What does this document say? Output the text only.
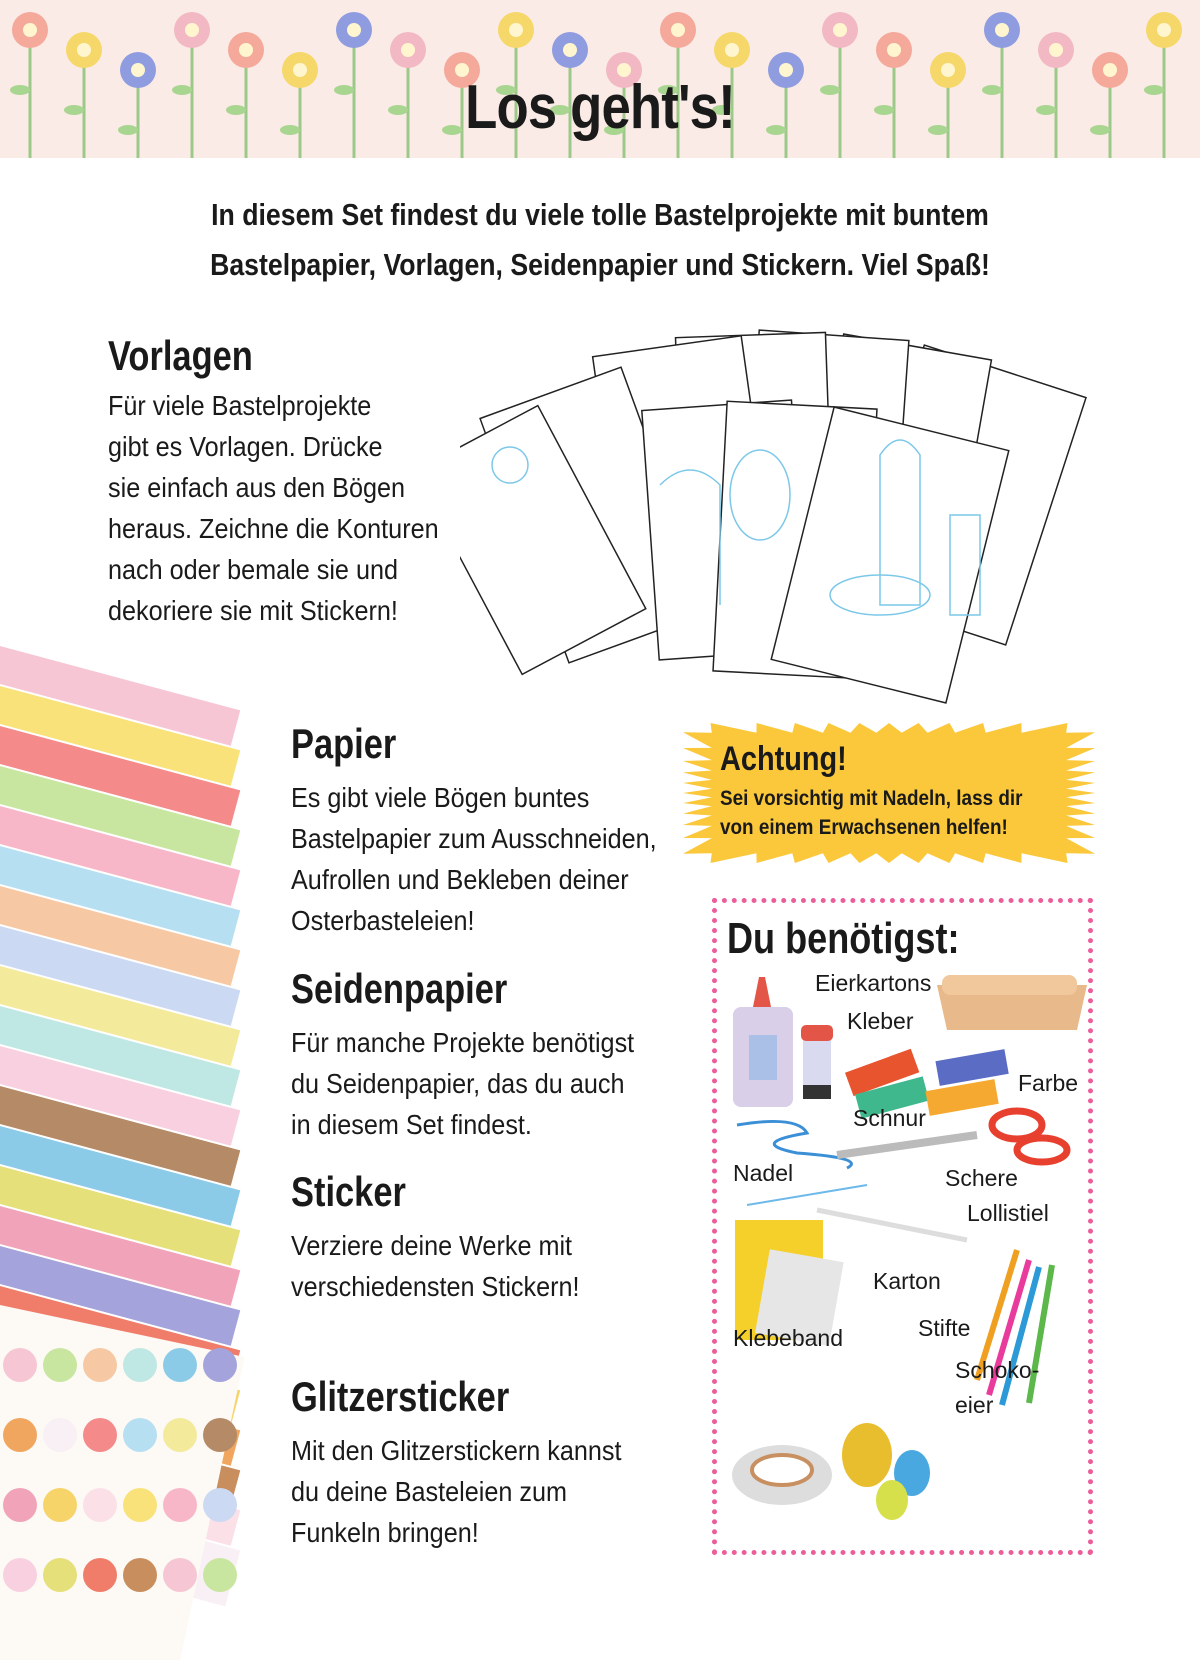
Los geht's!
In diesem Set findest du viele tolle Bastelprojekte mit buntem
Bastelpapier, Vorlagen, Seidenpapier und Stickern. Viel Spaß!
Vorlagen
Für viele Bastelprojekte
gibt es Vorlagen. Drücke
sie einfach aus den Bögen
heraus. Zeichne die Konturen
nach oder bemale sie und
dekoriere sie mit Stickern!
Papier
Es gibt viele Bögen buntes
Bastelpapier zum Ausschneiden,
Aufrollen und Bekleben deiner
Osterbasteleien!
Seidenpapier
Für manche Projekte benötigst
du Seidenpapier, das du auch
in diesem Set findest.
Sticker
Verziere deine Werke mit
verschiedensten Stickern!
Glitzersticker
Mit den Glitzerstickern kannst
du deine Basteleien zum
Funkeln bringen!
Achtung!
Sei vorsichtig mit Nadeln, lass dir
von einem Erwachsenen helfen!
Du benötigst:
Eierkartons
Kleber
Farbe
Schnur
Nadel	Schere
Lollistiel
Karton
Klebeband	Stifte
Schoko-
eier
